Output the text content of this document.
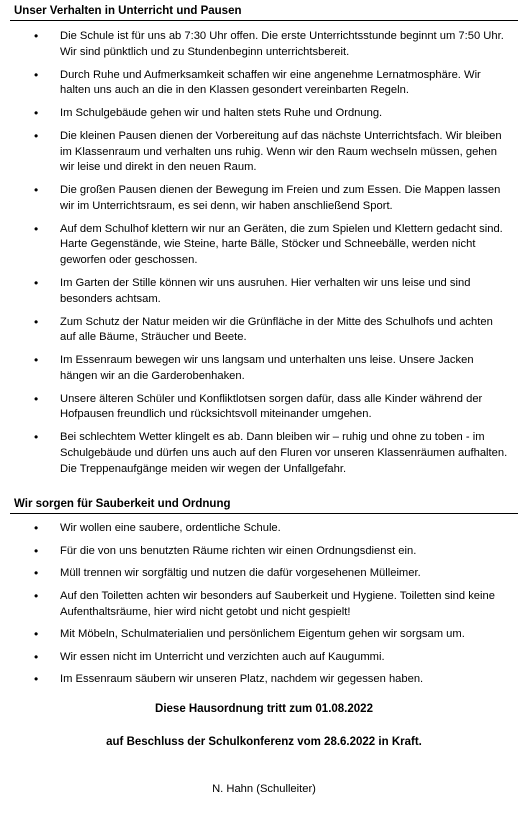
Unser Verhalten in Unterricht und Pausen
• Die Schule ist für uns ab 7:30 Uhr offen. Die erste Unterrichtsstunde beginnt um 7:50 Uhr. Wir sind pünktlich und zu Stundenbeginn unterrichtsbereit.
• Durch Ruhe und Aufmerksamkeit schaffen wir eine angenehme Lernatmosphäre. Wir halten uns auch an die in den Klassen gesondert vereinbarten Regeln.
• Im Schulgebäude gehen wir und halten stets Ruhe und Ordnung.
• Die kleinen Pausen dienen der Vorbereitung auf das nächste Unterrichtsfach. Wir bleiben im Klassenraum und verhalten uns ruhig. Wenn wir den Raum wechseln müssen, gehen wir leise und direkt in den neuen Raum.
• Die großen Pausen dienen der Bewegung im Freien und zum Essen. Die Mappen lassen wir im Unterrichtsraum, es sei denn, wir haben anschließend Sport.
• Auf dem Schulhof klettern wir nur an Geräten, die zum Spielen und Klettern gedacht sind. Harte Gegenstände, wie Steine, harte Bälle, Stöcker und Schneebälle, werden nicht geworfen oder geschossen.
• Im Garten der Stille können wir uns ausruhen. Hier verhalten wir uns leise und sind besonders achtsam.
• Zum Schutz der Natur meiden wir die Grünfläche in der Mitte des Schulhofs und achten auf alle Bäume, Sträucher und Beete.
• Im Essenraum bewegen wir uns langsam und unterhalten uns leise. Unsere Jacken hängen wir an die Garderobenhaken.
• Unsere älteren Schüler und Konfliktlotsen sorgen dafür, dass alle Kinder während der Hofpausen freundlich und rücksichtsvoll miteinander umgehen.
• Bei schlechtem Wetter klingelt es ab. Dann bleiben wir – ruhig und ohne zu toben - im Schulgebäude und dürfen uns auch auf den Fluren vor unseren Klassenräumen aufhalten. Die Treppenaufgänge meiden wir wegen der Unfallgefahr.
Wir sorgen für Sauberkeit und Ordnung
• Wir wollen eine saubere, ordentliche Schule.
• Für die von uns benutzten Räume richten wir einen Ordnungsdienst ein.
• Müll trennen wir sorgfältig und nutzen die dafür vorgesehenen Mülleimer.
• Auf den Toiletten achten wir besonders auf Sauberkeit und Hygiene. Toiletten sind keine Aufenthaltsräume, hier wird nicht getobt und nicht gespielt!
• Mit Möbeln, Schulmaterialien und persönlichem Eigentum gehen wir sorgsam um.
• Wir essen nicht im Unterricht und verzichten auch auf Kaugummi.
• Im Essenraum säubern wir unseren Platz, nachdem wir gegessen haben.

Diese Hausordnung tritt zum 01.08.2022

auf Beschluss der Schulkonferenz vom 28.6.2022 in Kraft.

N. Hahn (Schulleiter)
